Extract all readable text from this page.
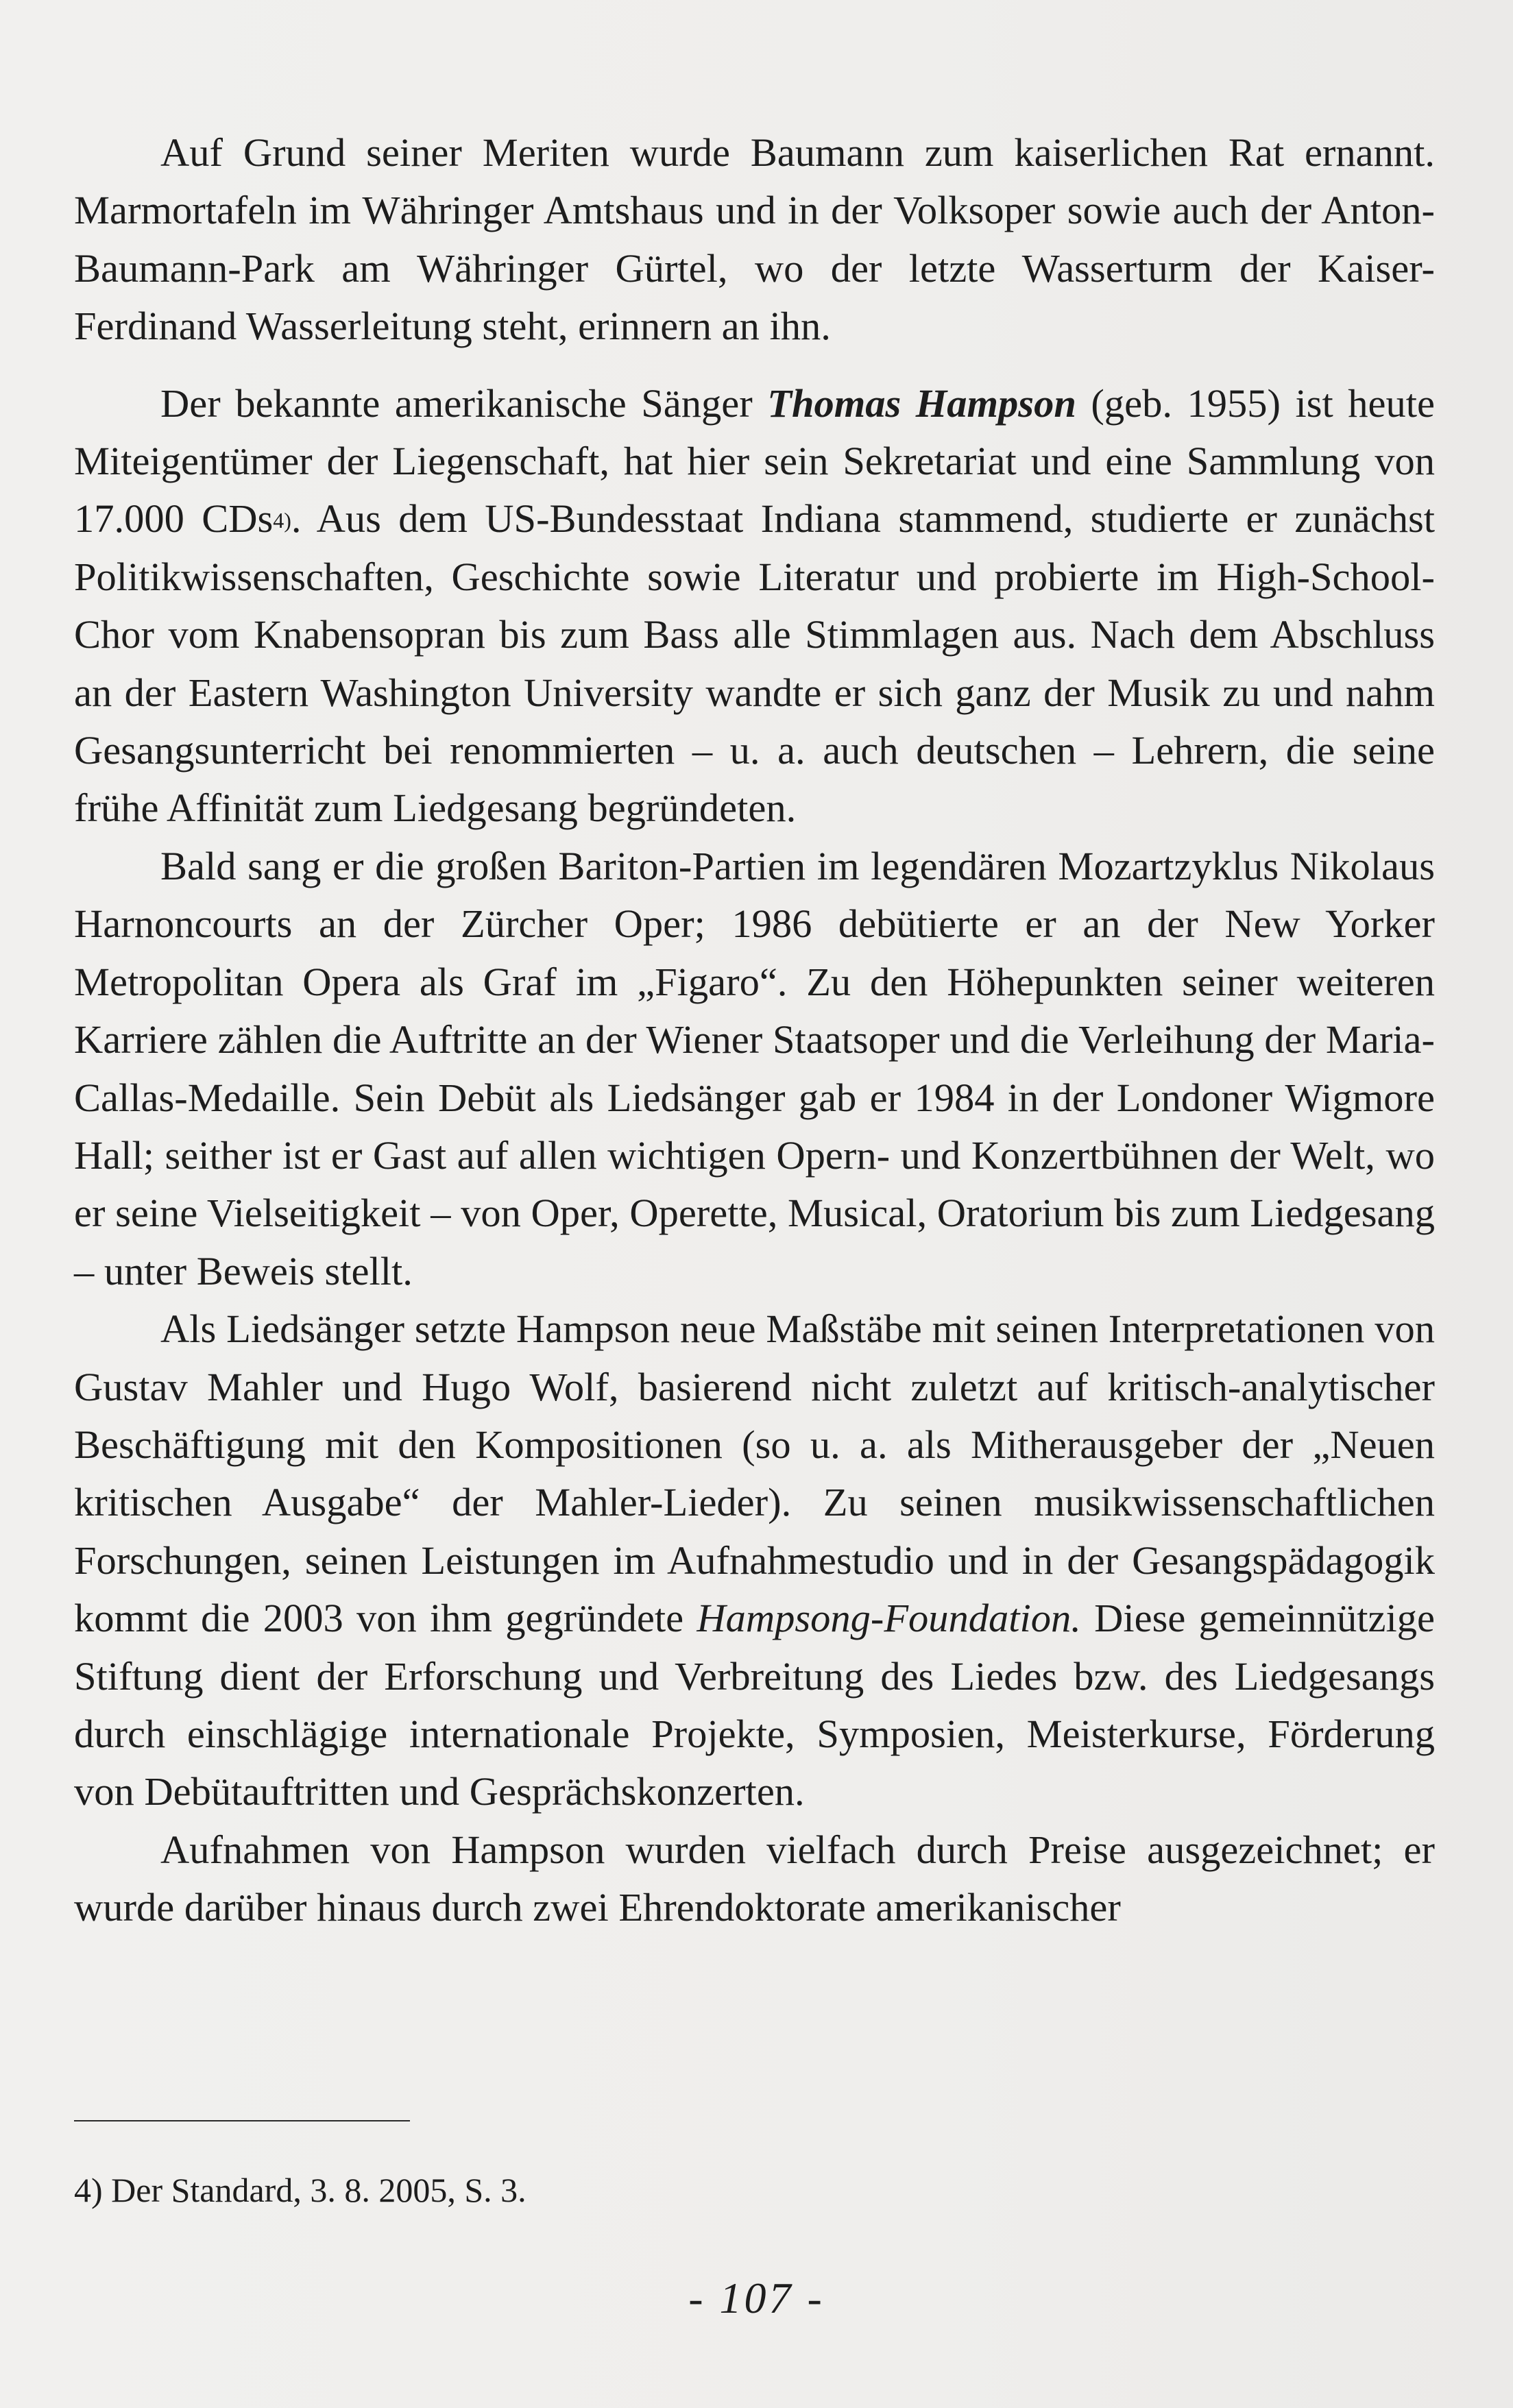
Auf Grund seiner Meriten wurde Baumann zum kaiserlichen Rat ernannt. Marmortafeln im Währinger Amtshaus und in der Volksoper sowie auch der Anton-Baumann-Park am Währinger Gürtel, wo der letzte Wasserturm der Kaiser-Ferdinand Wasserleitung steht, erinnern an ihn.

Der bekannte amerikanische Sänger Thomas Hampson (geb. 1955) ist heute Miteigentümer der Liegenschaft, hat hier sein Sekretariat und eine Sammlung von 17.000 CDs$^{4)}$. Aus dem US-Bundesstaat Indiana stammend, studierte er zunächst Politikwissenschaften, Geschichte sowie Literatur und probierte im High-School-Chor vom Knabensopran bis zum Bass alle Stimmlagen aus. Nach dem Abschluss an der Eastern Washington University wandte er sich ganz der Musik zu und nahm Gesangsunterricht bei renommierten – u. a. auch deutschen – Lehrern, die seine frühe Affinität zum Liedgesang begründeten.

Bald sang er die großen Bariton-Partien im legendären Mozartzyklus Nikolaus Harnoncourts an der Zürcher Oper; 1986 debütierte er an der New Yorker Metropolitan Opera als Graf im „Figaro“. Zu den Höhepunkten seiner weiteren Karriere zählen die Auftritte an der Wiener Staatsoper und die Verleihung der Maria-Callas-Medaille. Sein Debüt als Liedsänger gab er 1984 in der Londoner Wigmore Hall; seither ist er Gast auf allen wichtigen Opern- und Konzertbühnen der Welt, wo er seine Vielseitigkeit – von Oper, Operette, Musical, Oratorium bis zum Liedgesang – unter Beweis stellt.

Als Liedsänger setzte Hampson neue Maßstäbe mit seinen Interpretationen von Gustav Mahler und Hugo Wolf, basierend nicht zuletzt auf kritisch-analytischer Beschäftigung mit den Kompositionen (so u. a. als Mitherausgeber der „Neuen kritischen Ausgabe“ der Mahler-Lieder). Zu seinen musikwissenschaftlichen Forschungen, seinen Leistungen im Aufnahmestudio und in der Gesangspädagogik kommt die 2003 von ihm gegründete Hampsong-Foundation. Diese gemeinnützige Stiftung dient der Erforschung und Verbreitung des Liedes bzw. des Liedgesangs durch einschlägige internationale Projekte, Symposien, Meisterkurse, Förderung von Debütauftritten und Gesprächskonzerten.

Aufnahmen von Hampson wurden vielfach durch Preise ausgezeichnet; er wurde darüber hinaus durch zwei Ehrendoktorate amerikanischer

4) Der Standard, 3. 8. 2005, S. 3.
- 107 -
